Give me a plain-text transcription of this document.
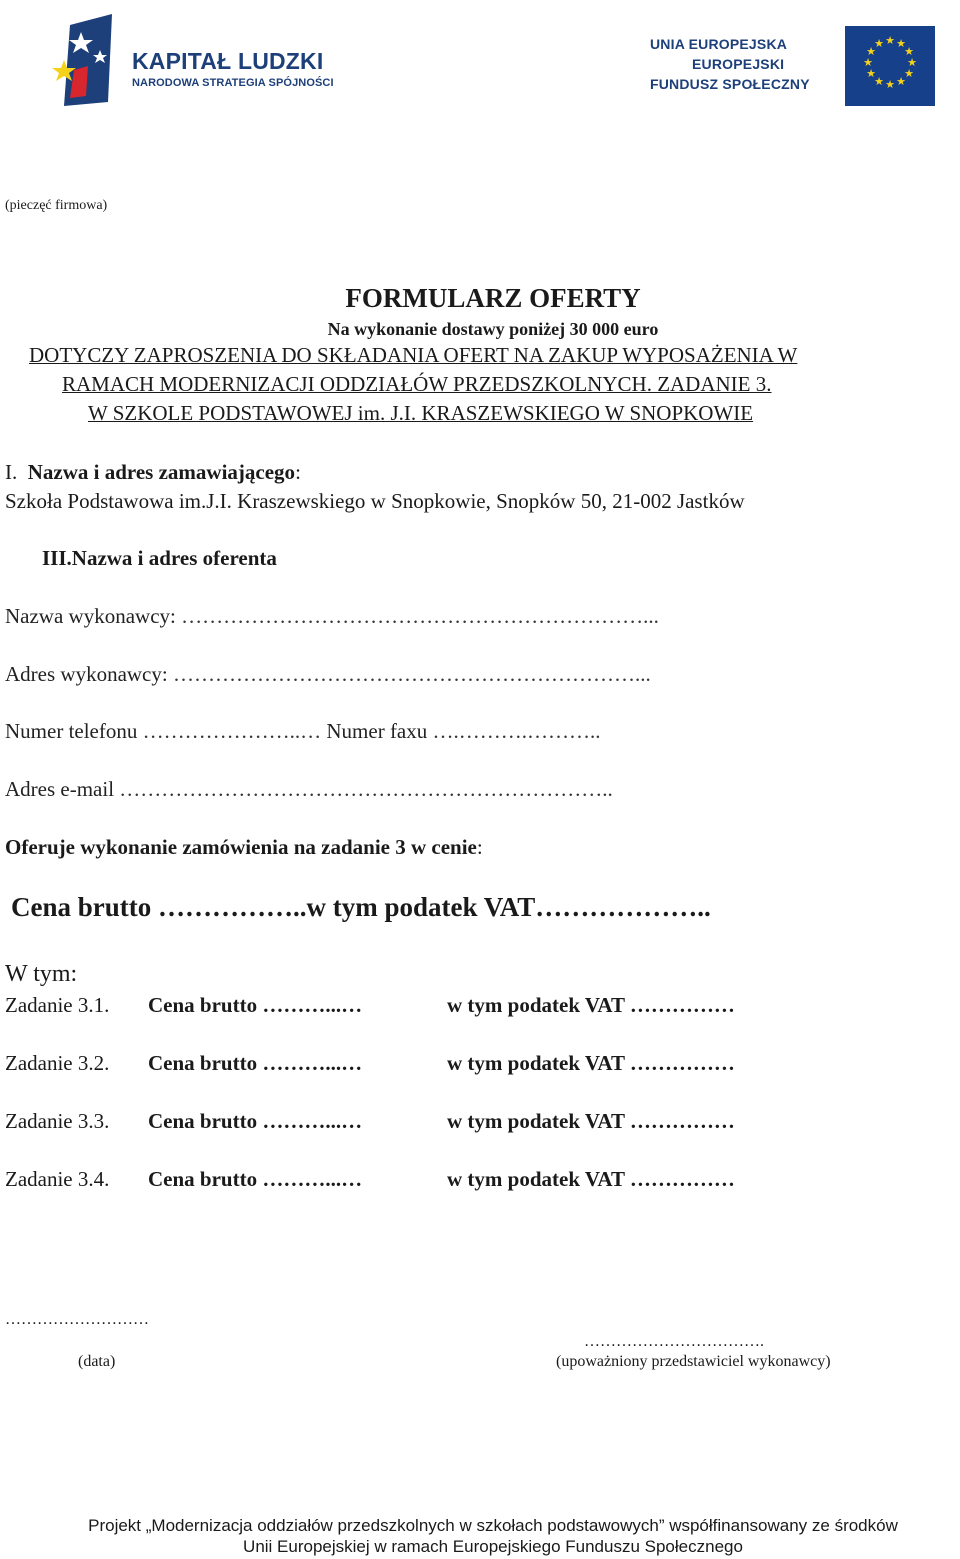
KAPITAŁ LUDZKI
NARODOWA STRATEGIA SPÓJNOŚCI
UNIA EUROPEJSKA
EUROPEJSKI
FUNDUSZ SPOŁECZNY
★ ★
★
★
★
★
★
★
★
★
★
★
(pieczęć firmowa)
FORMULARZ OFERTY
Na wykonanie dostawy poniżej 30 000 euro
DOTYCZY ZAPROSZENIA DO SKŁADANIA OFERT NA ZAKUP WYPOSAŻENIA W
RAMACH MODERNIZACJI ODDZIAŁÓW PRZEDSZKOLNYCH. ZADANIE 3.
W SZKOLE PODSTAWOWEJ im. J.I. KRASZEWSKIEGO W SNOPKOWIE
I. Nazwa i adres zamawiającego:
Szkoła Podstawowa im.J.I. Kraszewskiego w Snopkowie, Snopków 50, 21-002 Jastków
III.Nazwa i adres oferenta
Nazwa wykonawcy: …………………………………………………………...
Adres wykonawcy: …………………………………………………………...
Numer telefonu …………………..… Numer faxu ….……….………..
Adres e-mail ……………………………………………………………..
Oferuje wykonanie zamówienia na zadanie 3 w cenie:
Cena brutto ……………..w tym podatek VAT………………..
W tym:
Zadanie 3.1. Cena brutto ………...…	w tym podatek VAT ……………
Zadanie 3.2. Cena brutto ………...…	w tym podatek VAT ……………
Zadanie 3.3. Cena brutto ………...…	w tym podatek VAT ……………
Zadanie 3.4. Cena brutto ………...…	w tym podatek VAT ……………
………………………
(data)
…………………………….
(upoważniony przedstawiciel wykonawcy)
Projekt „Modernizacja oddziałów przedszkolnych w szkołach podstawowych” współfinansowany ze środków
Unii Europejskiej w ramach Europejskiego Funduszu Społecznego
